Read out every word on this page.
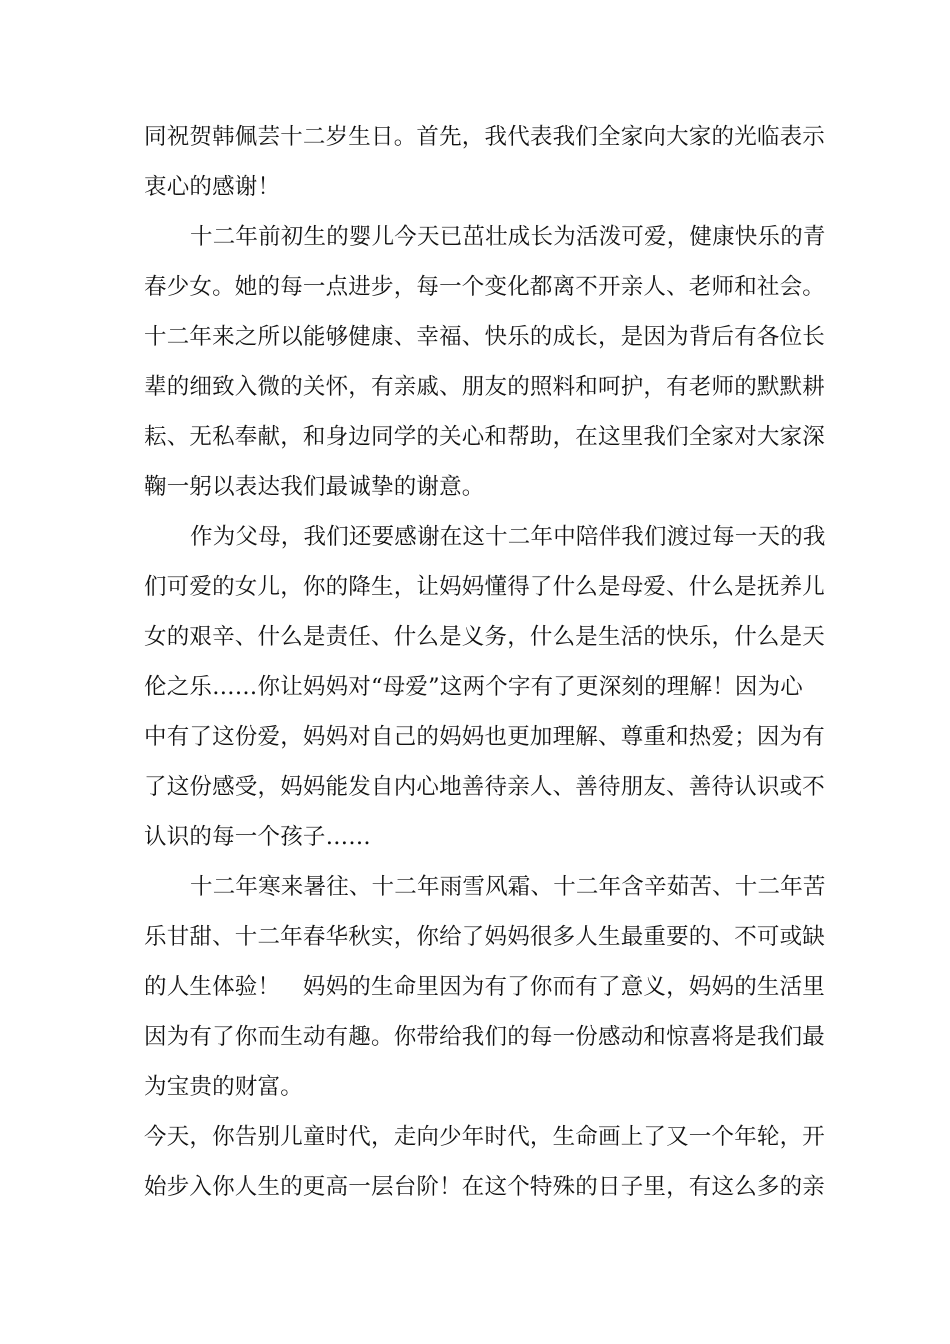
同祝贺韩佩芸十二岁生日。首先，我代表我们全家向大家的光临表示
衷心的感谢！
十二年前初生的婴儿今天已茁壮成长为活泼可爱，健康快乐的青
春少女。她的每一点进步，每一个变化都离不开亲人、老师和社会。
十二年来之所以能够健康、幸福、快乐的成长，是因为背后有各位长
辈的细致入微的关怀，有亲戚、朋友的照料和呵护，有老师的默默耕
耘、无私奉献，和身边同学的关心和帮助，在这里我们全家对大家深
鞠一躬以表达我们最诚挚的谢意。
作为父母，我们还要感谢在这十二年中陪伴我们渡过每一天的我
们可爱的女儿，你的降生，让妈妈懂得了什么是母爱、什么是抚养儿
女的艰辛、什么是责任、什么是义务，什么是生活的快乐，什么是天
伦之乐……你让妈妈对“母爱”这两个字有了更深刻的理解！因为心
中有了这份爱，妈妈对自己的妈妈也更加理解、尊重和热爱；因为有
了这份感受，妈妈能发自内心地善待亲人、善待朋友、善待认识或不
认识的每一个孩子……
十二年寒来暑往、十二年雨雪风霜、十二年含辛茹苦、十二年苦
乐甘甜、十二年春华秋实，你给了妈妈很多人生最重要的、不可或缺
的人生体验！　妈妈的生命里因为有了你而有了意义，妈妈的生活里
因为有了你而生动有趣。你带给我们的每一份感动和惊喜将是我们最
为宝贵的财富。
今天，你告别儿童时代，走向少年时代，生命画上了又一个年轮，开
始步入你人生的更高一层台阶！在这个特殊的日子里，有这么多的亲
